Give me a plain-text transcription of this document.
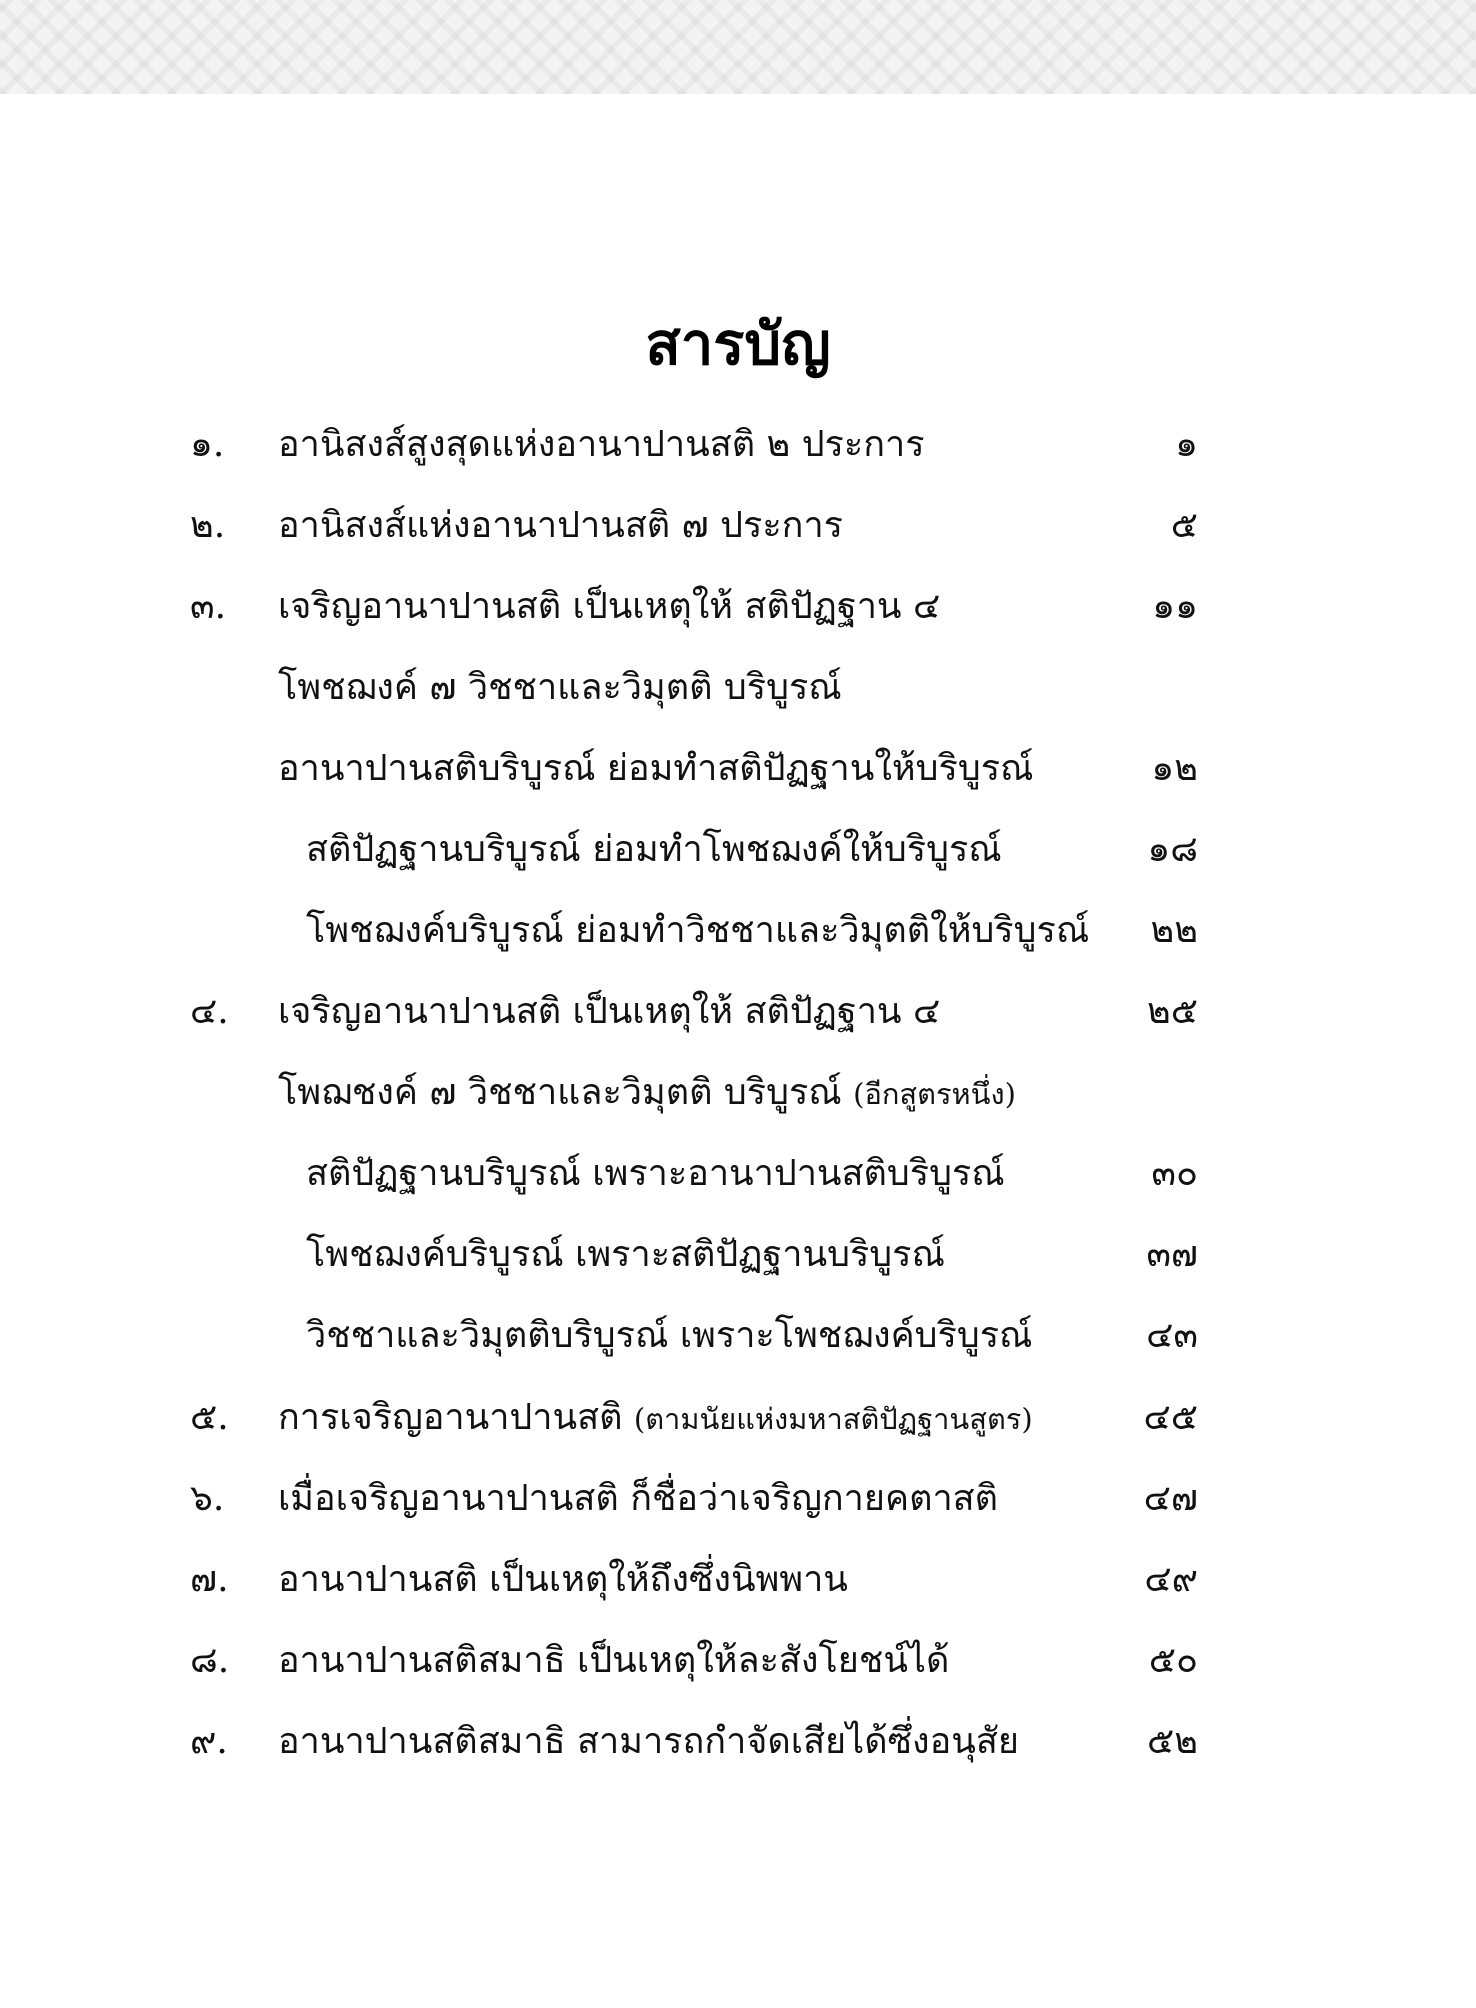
สารบัญ
๑. อานิสงส์สูงสุดแห่งอานาปานสติ ๒ ประการ	๑
๒. อานิสงส์แห่งอานาปานสติ ๗ ประการ	๕
๓. เจริญอานาปานสติ เป็นเหตุให้ สติปัฏฐาน ๔	๑๑
โพชฌงค์ ๗ วิชชาและวิมุตติ บริบูรณ์
อานาปานสติบริบูรณ์ ย่อมทำสติปัฏฐานให้บริบูรณ์	๑๒
สติปัฏฐานบริบูรณ์ ย่อมทำโพชฌงค์ให้บริบูรณ์	๑๘
โพชฌงค์บริบูรณ์ ย่อมทำวิชชาและวิมุตติให้บริบูรณ์ ๒๒
๔. เจริญอานาปานสติ เป็นเหตุให้ สติปัฏฐาน ๔	๒๕
โพฌชงค์ ๗ วิชชาและวิมุตติ บริบูรณ์ (อีกสูตรหนึ่ง)
สติปัฏฐานบริบูรณ์ เพราะอานาปานสติบริบูรณ์	๓๐
โพชฌงค์บริบูรณ์ เพราะสติปัฏฐานบริบูรณ์	๓๗
วิชชาและวิมุตติบริบูรณ์ เพราะโพชฌงค์บริบูรณ์	๔๓
๕. การเจริญอานาปานสติ (ตามนัยแห่งมหาสติปัฏฐานสูตร)	๔๕
๖. เมื่อเจริญอานาปานสติ ก็ชื่อว่าเจริญกายคตาสติ	๔๗
๗. อานาปานสติ เป็นเหตุให้ถึงซึ่งนิพพาน	๔๙
๘. อานาปานสติสมาธิ เป็นเหตุให้ละสังโยชน์ได้	๕๐
๙. อานาปานสติสมาธิ สามารถกำจัดเสียได้ซึ่งอนุสัย	๕๒
